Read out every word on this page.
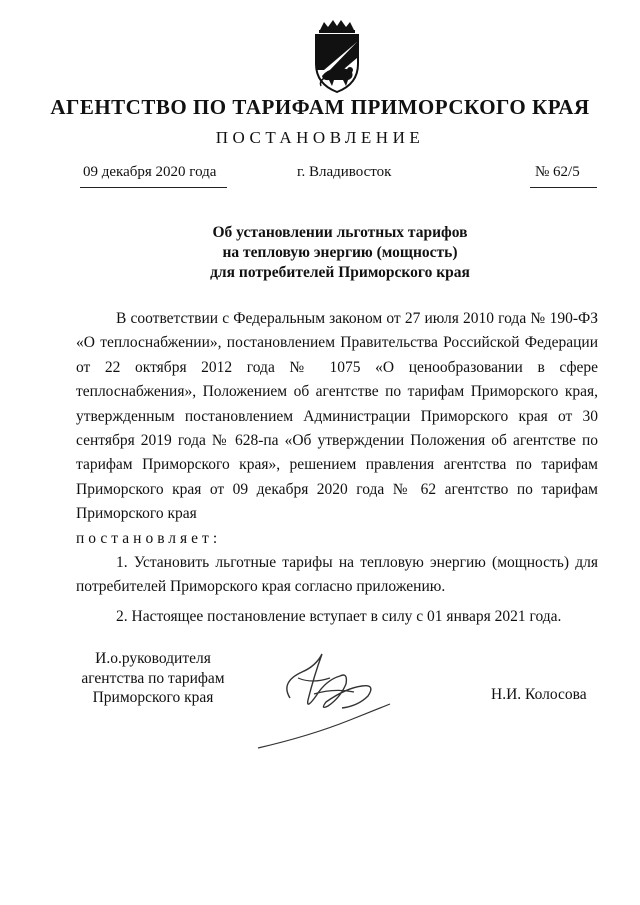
АГЕНТСТВО ПО ТАРИФАМ ПРИМОРСКОГО КРАЯ
ПОСТАНОВЛЕНИЕ
09 декабря 2020 года	г. Владивосток	№ 62/5
Об установлении льготных тарифов
на тепловую энергию (мощность)
для потребителей Приморского края

В соответствии с Федеральным законом от 27 июля 2010 года № 190-ФЗ «О теплоснабжении», постановлением Правительства Российской Федерации от 22 октября 2012 года № 1075 «О ценообразовании в сфере теплоснабжения», Положением об агентстве по тарифам Приморского края, утвержденным постановлением Администрации Приморского края от 30 сентября 2019 года № 628-па «Об утверждении Положения об агентстве по тарифам Приморского края», решением правления агентства по тарифам Приморского края от 09 декабря 2020 года № 62 агентство по тарифам Приморского края

постановляет:

1. Установить льготные тарифы на тепловую энергию (мощность) для потребителей Приморского края согласно приложению.

2. Настоящее постановление вступает в силу с 01 января 2021 года.

И.о.руководителя
агентства по тарифам
Приморского края	Н.И. Колосова
